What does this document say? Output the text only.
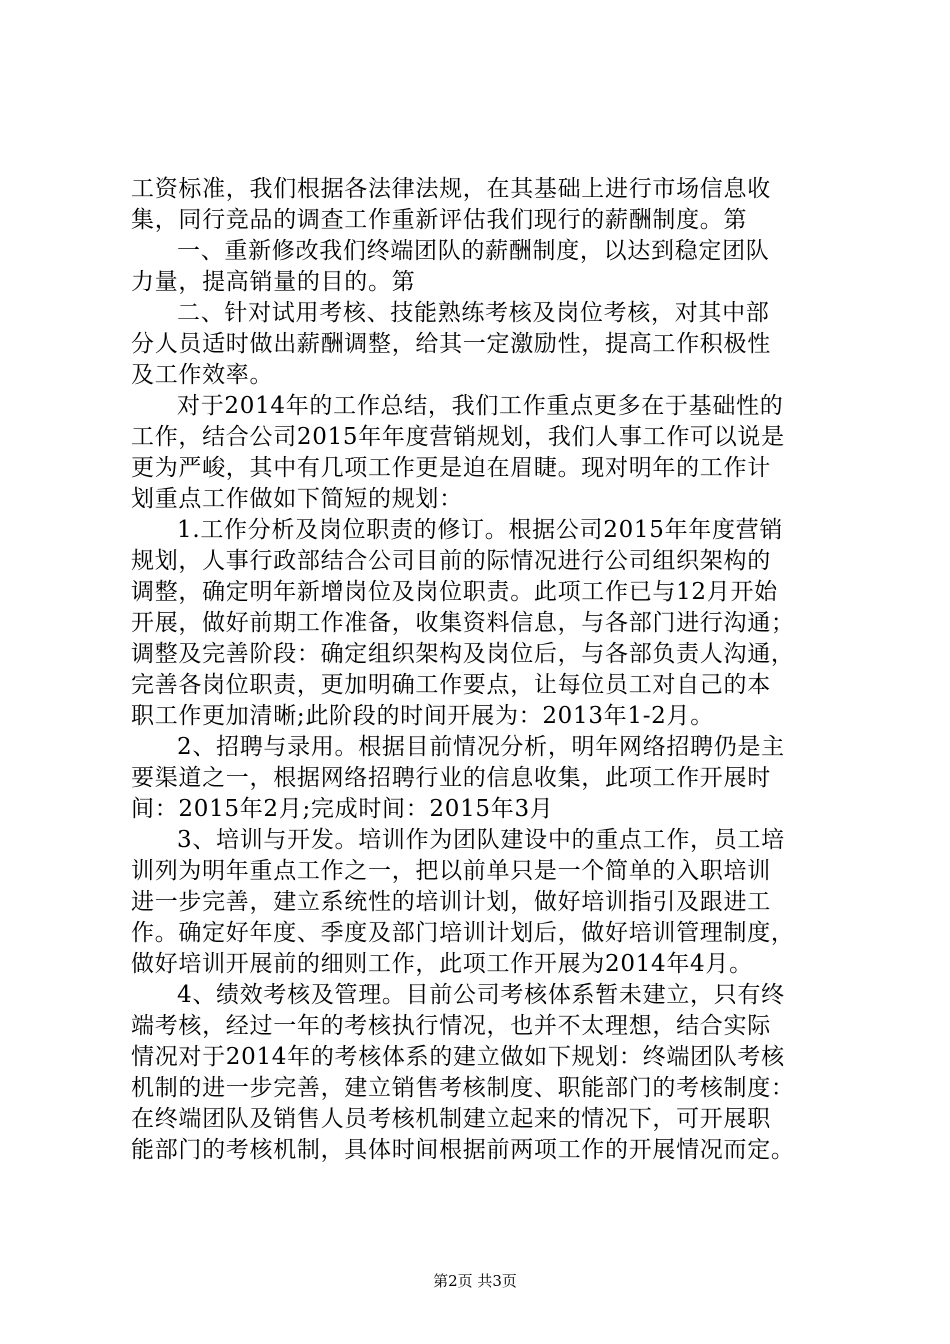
工资标准，我们根据各法律法规，在其基础上进行市场信息收
集，同行竞品的调查工作重新评估我们现行的薪酬制度。第
一、重新修改我们终端团队的薪酬制度，以达到稳定团队
力量，提高销量的目的。第
二、针对试用考核、技能熟练考核及岗位考核，对其中部
分人员适时做出薪酬调整，给其一定激励性，提高工作积极性
及工作效率。
对于2014年的工作总结，我们工作重点更多在于基础性的
工作，结合公司2015年年度营销规划，我们人事工作可以说是
更为严峻，其中有几项工作更是迫在眉睫。现对明年的工作计
划重点工作做如下简短的规划：
1.工作分析及岗位职责的修订。根据公司2015年年度营销
规划，人事行政部结合公司目前的际情况进行公司组织架构的
调整，确定明年新增岗位及岗位职责。此项工作已与12月开始
开展，做好前期工作准备，收集资料信息，与各部门进行沟通；
调整及完善阶段：确定组织架构及岗位后，与各部负责人沟通，
完善各岗位职责，更加明确工作要点，让每位员工对自己的本
职工作更加清晰;此阶段的时间开展为：2013年1-2月。
2、招聘与录用。根据目前情况分析，明年网络招聘仍是主
要渠道之一，根据网络招聘行业的信息收集，此项工作开展时
间：2015年2月;完成时间：2015年3月
3、培训与开发。培训作为团队建设中的重点工作，员工培
训列为明年重点工作之一，把以前单只是一个简单的入职培训
进一步完善，建立系统性的培训计划，做好培训指引及跟进工
作。确定好年度、季度及部门培训计划后，做好培训管理制度，
做好培训开展前的细则工作，此项工作开展为2014年4月。
4、绩效考核及管理。目前公司考核体系暂未建立，只有终
端考核，经过一年的考核执行情况，也并不太理想，结合实际
情况对于2014年的考核体系的建立做如下规划：终端团队考核
机制的进一步完善，建立销售考核制度、职能部门的考核制度：
在终端团队及销售人员考核机制建立起来的情况下，可开展职
能部门的考核机制，具体时间根据前两项工作的开展情况而定。
第2页 共3页
